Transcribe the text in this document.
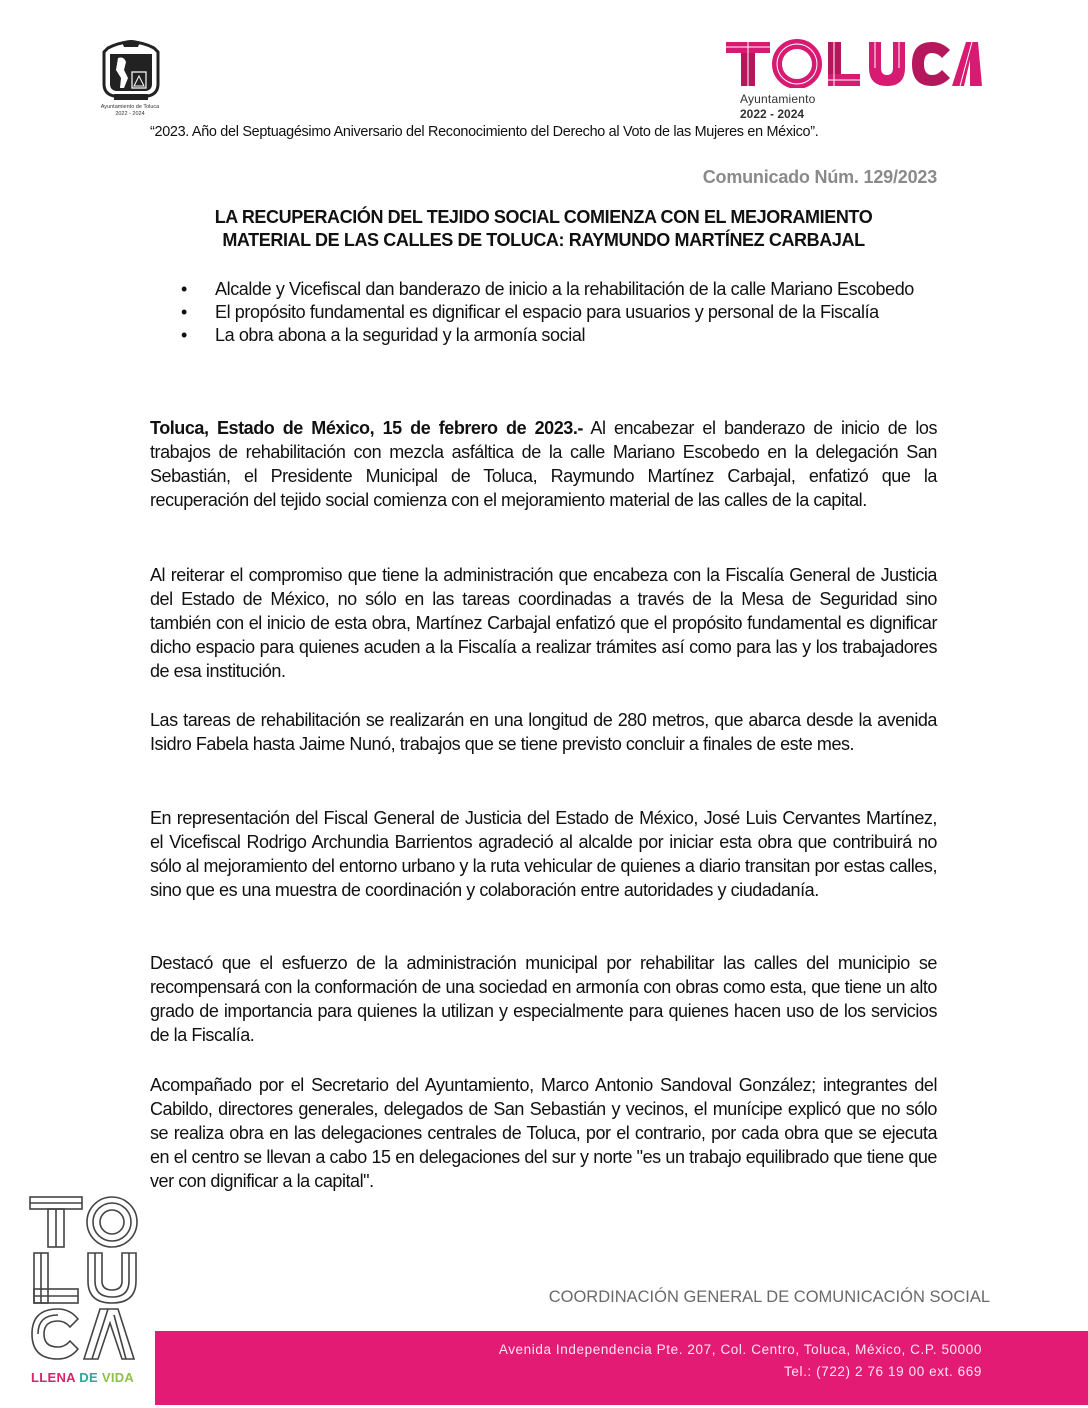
Ayuntamiento de Toluca
2022 - 2024
Ayuntamiento
2022 - 2024
“2023. Año del Septuagésimo Aniversario del Reconocimiento del Derecho al Voto de las Mujeres en México”.
Comunicado Núm. 129/2023
LA RECUPERACIÓN DEL TEJIDO SOCIAL COMIENZA CON EL MEJORAMIENTO
MATERIAL DE LAS CALLES DE TOLUCA: RAYMUNDO MARTÍNEZ CARBAJAL
• Alcalde y Vicefiscal dan banderazo de inicio a la rehabilitación de la calle Mariano Escobedo
• El propósito fundamental es dignificar el espacio para usuarios y personal de la Fiscalía
• La obra abona a la seguridad y la armonía social

Toluca, Estado de México, 15 de febrero de 2023.- Al encabezar el banderazo de inicio de los trabajos de rehabilitación con mezcla asfáltica de la calle Mariano Escobedo en la delegación San Sebastián, el Presidente Municipal de Toluca, Raymundo Martínez Carbajal, enfatizó que la recuperación del tejido social comienza con el mejoramiento material de las calles de la capital.

Al reiterar el compromiso que tiene la administración que encabeza con la Fiscalía General de Justicia del Estado de México, no sólo en las tareas coordinadas a través de la Mesa de Seguridad sino también con el inicio de esta obra, Martínez Carbajal enfatizó que el propósito fundamental es dignificar dicho espacio para quienes acuden a la Fiscalía a realizar trámites así como para las y los trabajadores de esa institución.

Las tareas de rehabilitación se realizarán en una longitud de 280 metros, que abarca desde la avenida Isidro Fabela hasta Jaime Nunó, trabajos que se tiene previsto concluir a finales de este mes.

En representación del Fiscal General de Justicia del Estado de México, José Luis Cervantes Martínez, el Vicefiscal Rodrigo Archundia Barrientos agradeció al alcalde por iniciar esta obra que contribuirá no sólo al mejoramiento del entorno urbano y la ruta vehicular de quienes a diario transitan por estas calles, sino que es una muestra de coordinación y colaboración entre autoridades y ciudadanía.

Destacó que el esfuerzo de la administración municipal por rehabilitar las calles del municipio se recompensará con la conformación de una sociedad en armonía con obras como esta, que tiene un alto grado de importancia para quienes la utilizan y especialmente para quienes hacen uso de los servicios de la Fiscalía.

Acompañado por el Secretario del Ayuntamiento, Marco Antonio Sandoval González; integrantes del Cabildo, directores generales, delegados de San Sebastián y vecinos, el munícipe explicó que no sólo se realiza obra en las delegaciones centrales de Toluca, por el contrario, por cada obra que se ejecuta en el centro se llevan a cabo 15 en delegaciones del sur y norte "es un trabajo equilibrado que tiene que ver con dignificar a la capital".

LLENA DE VIDA
COORDINACIÓN GENERAL DE COMUNICACIÓN SOCIAL
Avenida Independencia Pte. 207, Col. Centro, Toluca, México, C.P. 50000
Tel.: (722) 2 76 19 00 ext. 669
